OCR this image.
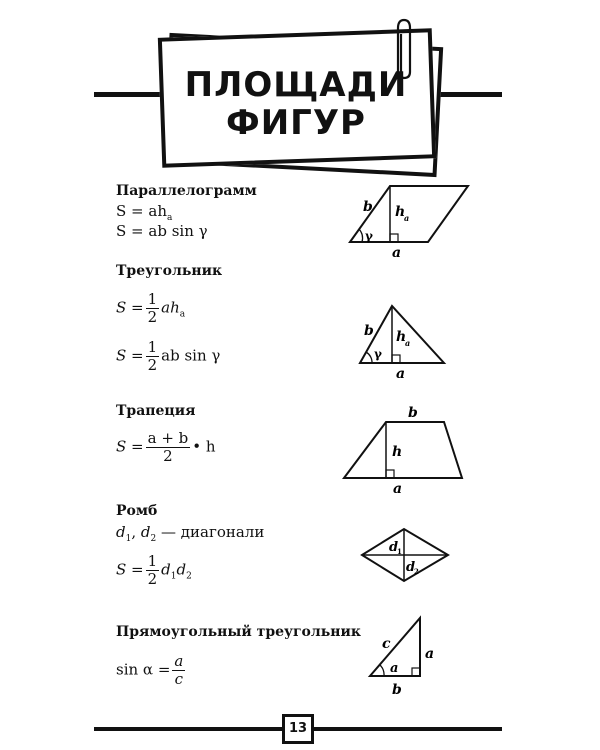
ПЛОЩАДИ
ФИГУР
Параллелограмм
$S = ah_a$
S = ab sin γ
b h
a
γ
a
Треугольник
$S = \frac{1}{2} ah_a$
$S = \frac{1}{2}$ ab sin γ
b h
a
γ
a
Трапеция
$S = \frac{a + b}{2}$ • h
b
h
a
Ромб
$d_1$, $d_2$ — диагонали
$S = \frac{1}{2} d_1d_2$
d
1
d
2
Прямоугольный треугольник
$\sin \alpha = \frac{a}{c}$
c
a
a
b
13
